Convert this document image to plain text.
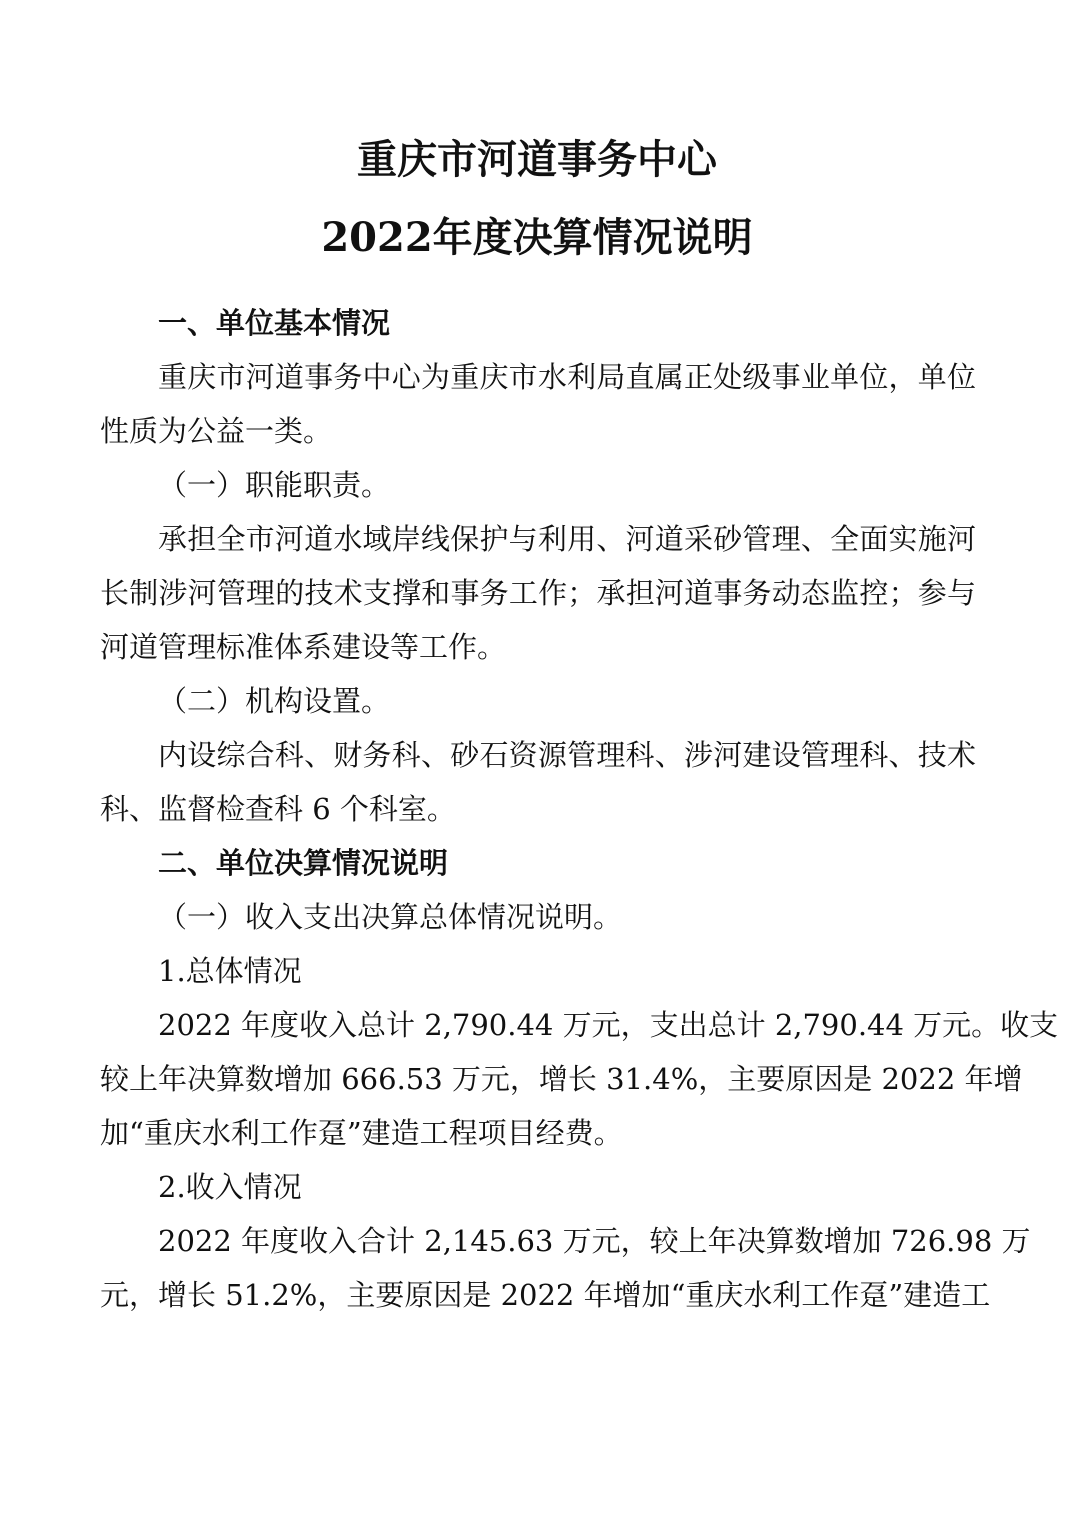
重庆市河道事务中心
2022年度决算情况说明

一、单位基本情况

重庆市河道事务中心为重庆市水利局直属正处级事业单位，单位
性质为公益一类。

（一）职能职责。

承担全市河道水域岸线保护与利用、河道采砂管理、全面实施河
长制涉河管理的技术支撑和事务工作；承担河道事务动态监控；参与
河道管理标准体系建设等工作。

（二）机构设置。

内设综合科、财务科、砂石资源管理科、涉河建设管理科、技术
科、监督检查科 6 个科室。

二、单位决算情况说明

（一）收入支出决算总体情况说明。

1.总体情况

2022 年度收入总计 2,790.44 万元，支出总计 2,790.44 万元。收支
较上年决算数增加 666.53 万元，增长 31.4%，主要原因是 2022 年增
加“重庆水利工作趸”建造工程项目经费。

2.收入情况

2022 年度收入合计 2,145.63 万元，较上年决算数增加 726.98 万
元，增长 51.2%，主要原因是 2022 年增加“重庆水利工作趸”建造工
